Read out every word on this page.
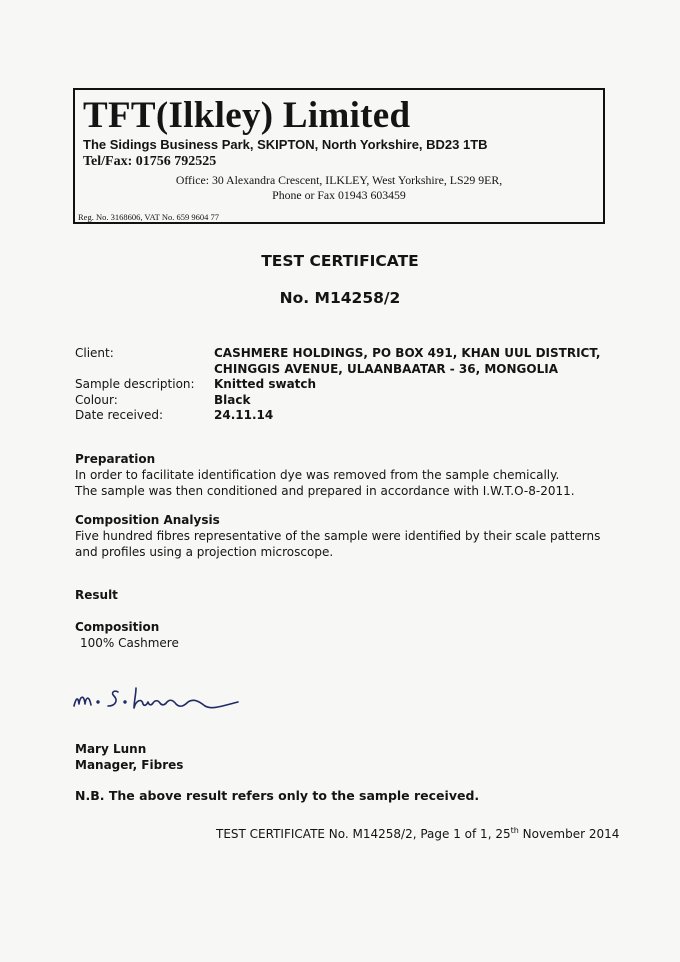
TFT(Ilkley) Limited
The Sidings Business Park, SKIPTON, North Yorkshire, BD23 1TB
Tel/Fax: 01756 792525
Office: 30 Alexandra Crescent, ILKLEY, West Yorkshire, LS29 9ER,
Phone or Fax 01943 603459
Reg. No. 3168606, VAT No. 659 9604 77
TEST CERTIFICATE
No. M14258/2
Client:	CASHMERE HOLDINGS, PO BOX 491, KHAN UUL DISTRICT,
CHINGGIS AVENUE, ULAANBAATAR - 36, MONGOLIA
Sample description:	Knitted swatch
Colour:	Black
Date received:	24.11.14
Preparation
In order to facilitate identification dye was removed from the sample chemically.
The sample was then conditioned and prepared in accordance with I.W.T.O-8-2011.
Composition Analysis
Five hundred fibres representative of the sample were identified by their scale patterns
and profiles using a projection microscope.
Result
Composition
100% Cashmere
Mary Lunn
Manager, Fibres
N.B. The above result refers only to the sample received.
TEST CERTIFICATE No. M14258/2, Page 1 of 1, 25th November 2014
